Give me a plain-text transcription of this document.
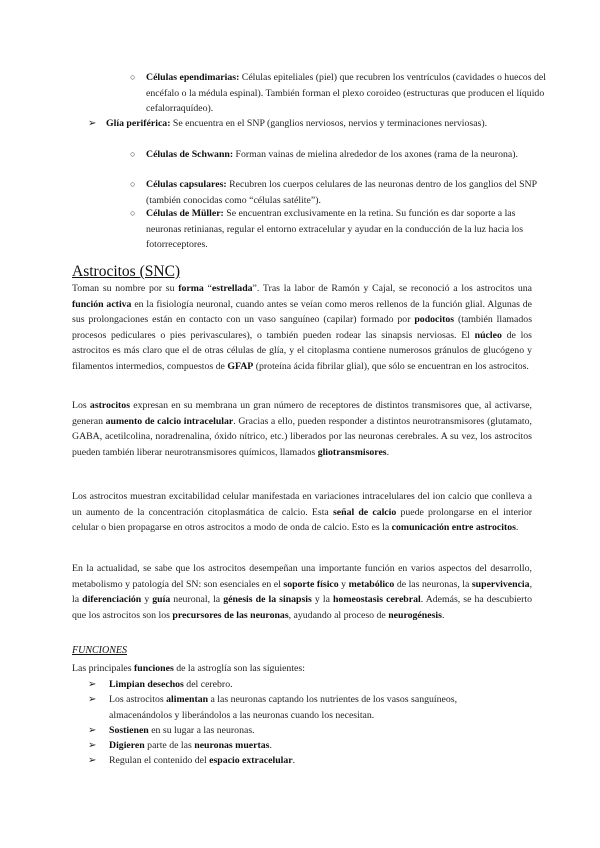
○ Células ependimarias: Células epiteliales (piel) que recubren los ventrículos (cavidades o huecos del encéfalo o la médula espinal). También forman el plexo coroideo (estructuras que producen el líquido cefalorraquídeo).
➢ Glía periférica: Se encuentra en el SNP (ganglios nerviosos, nervios y terminaciones nerviosas).
○ Células de Schwann: Forman vainas de mielina alrededor de los axones (rama de la neurona).
○ Células capsulares: Recubren los cuerpos celulares de las neuronas dentro de los ganglios del SNP (también conocidas como “células satélite”).
○ Células de Müller: Se encuentran exclusivamente en la retina. Su función es dar soporte a las neuronas retinianas, regular el entorno extracelular y ayudar en la conducción de la luz hacia los fotorreceptores.
Astrocitos (SNC)
Toman su nombre por su forma “estrellada”. Tras la labor de Ramón y Cajal, se reconoció a los astrocitos una función activa en la fisiología neuronal, cuando antes se veían como meros rellenos de la función glial. Algunas de sus prolongaciones están en contacto con un vaso sanguíneo (capilar) formado por podocitos (también llamados procesos pediculares o pies perivasculares), o también pueden rodear las sinapsis nerviosas. El núcleo de los astrocitos es más claro que el de otras células de glía, y el citoplasma contiene numerosos gránulos de glucógeno y filamentos intermedios, compuestos de GFAP (proteína ácida fibrilar glial), que sólo se encuentran en los astrocitos.
Los astrocitos expresan en su membrana un gran número de receptores de distintos transmisores que, al activarse, generan aumento de calcio intracelular. Gracias a ello, pueden responder a distintos neurotransmisores (glutamato, GABA, acetilcolina, noradrenalina, óxido nítrico, etc.) liberados por las neuronas cerebrales. A su vez, los astrocitos pueden también liberar neurotransmisores químicos, llamados gliotransmisores.
Los astrocitos muestran excitabilidad celular manifestada en variaciones intracelulares del ion calcio que conlleva a un aumento de la concentración citoplasmática de calcio. Esta señal de calcio puede prolongarse en el interior celular o bien propagarse en otros astrocitos a modo de onda de calcio. Esto es la comunicación entre astrocitos.
En la actualidad, se sabe que los astrocitos desempeñan una importante función en varios aspectos del desarrollo, metabolismo y patología del SN: son esenciales en el soporte físico y metabólico de las neuronas, la supervivencia, la diferenciación y guía neuronal, la génesis de la sinapsis y la homeostasis cerebral. Además, se ha descubierto que los astrocitos son los precursores de las neuronas, ayudando al proceso de neurogénesis.
FUNCIONES
Las principales funciones de la astroglía son las siguientes:
➢ Limpian desechos del cerebro.
➢ Los astrocitos alimentan a las neuronas captando los nutrientes de los vasos sanguíneos, almacenándolos y liberándolos a las neuronas cuando los necesitan.
➢ Sostienen en su lugar a las neuronas.
➢ Digieren parte de las neuronas muertas.
➢ Regulan el contenido del espacio extracelular.
